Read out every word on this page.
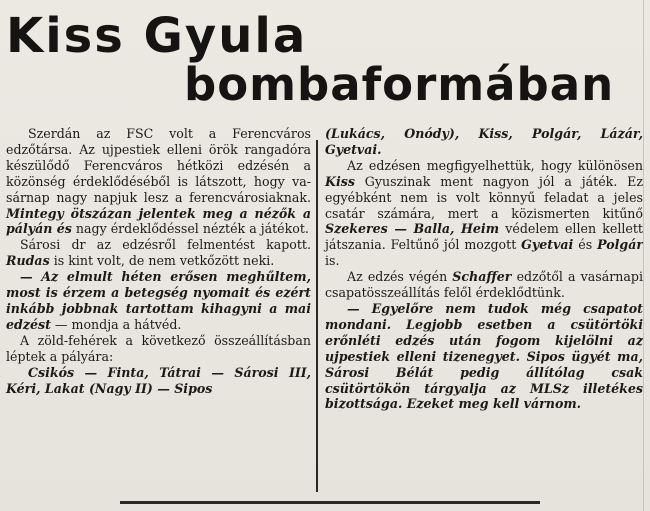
Kiss Gyula
bombaformában

Szerdán az FSC volt a Ferencváros edzőtársa. Az ujpestiek elleni örök rangadóra készülődő Ferencváros hétközi edzésén a közönség érdeklődéséből is látszott, hogy vasárnap nagy napjuk lesz a ferencvárosiaknak. Mintegy ötszázan jelentek meg a nézők a pályán és nagy érdeklődéssel nézték a játékot.

Sárosi dr az edzésről felmentést kapott. Rudas is kint volt, de nem vetkőzött neki.

— Az elmult héten erősen meghűltem, most is érzem a betegség nyomait és ezért inkább jobbnak tartottam kihagyni a mai edzést — mondja a hátvéd.

A zöld-fehérek a következő összeállításban léptek a pályára:

Csikós — Finta, Tátrai — Sárosi III, Kéri, Lakat (Nagy II) — Sipos

(Lukács, Onódy), Kiss, Polgár, Lázár, Gyetvai.

Az edzésen megfigyelhettük, hogy különösen Kiss Gyuszinak ment nagyon jól a játék. Ez egyébként nem is volt könnyű feladat a jeles csatár számára, mert a közismerten kitűnő Szekeres — Balla, Heim védelem ellen kellett játszania. Feltűnő jól mozgott Gyetvai és Polgár is.

Az edzés végén Schaffer edzőtől a vasárnapi csapatösszeállítás felől érdeklődtünk.

— Egyelőre nem tudok még csapatot mondani. Legjobb esetben a csütörtöki erőnléti edzés után fogom kijelölni az ujpestiek elleni tizenegyet. Sipos ügyét ma, Sárosi Bélát pedig állítólag csak csütörtökön tárgyalja az MLSz illetékes bizottsága. Ezeket meg kell várnom.
